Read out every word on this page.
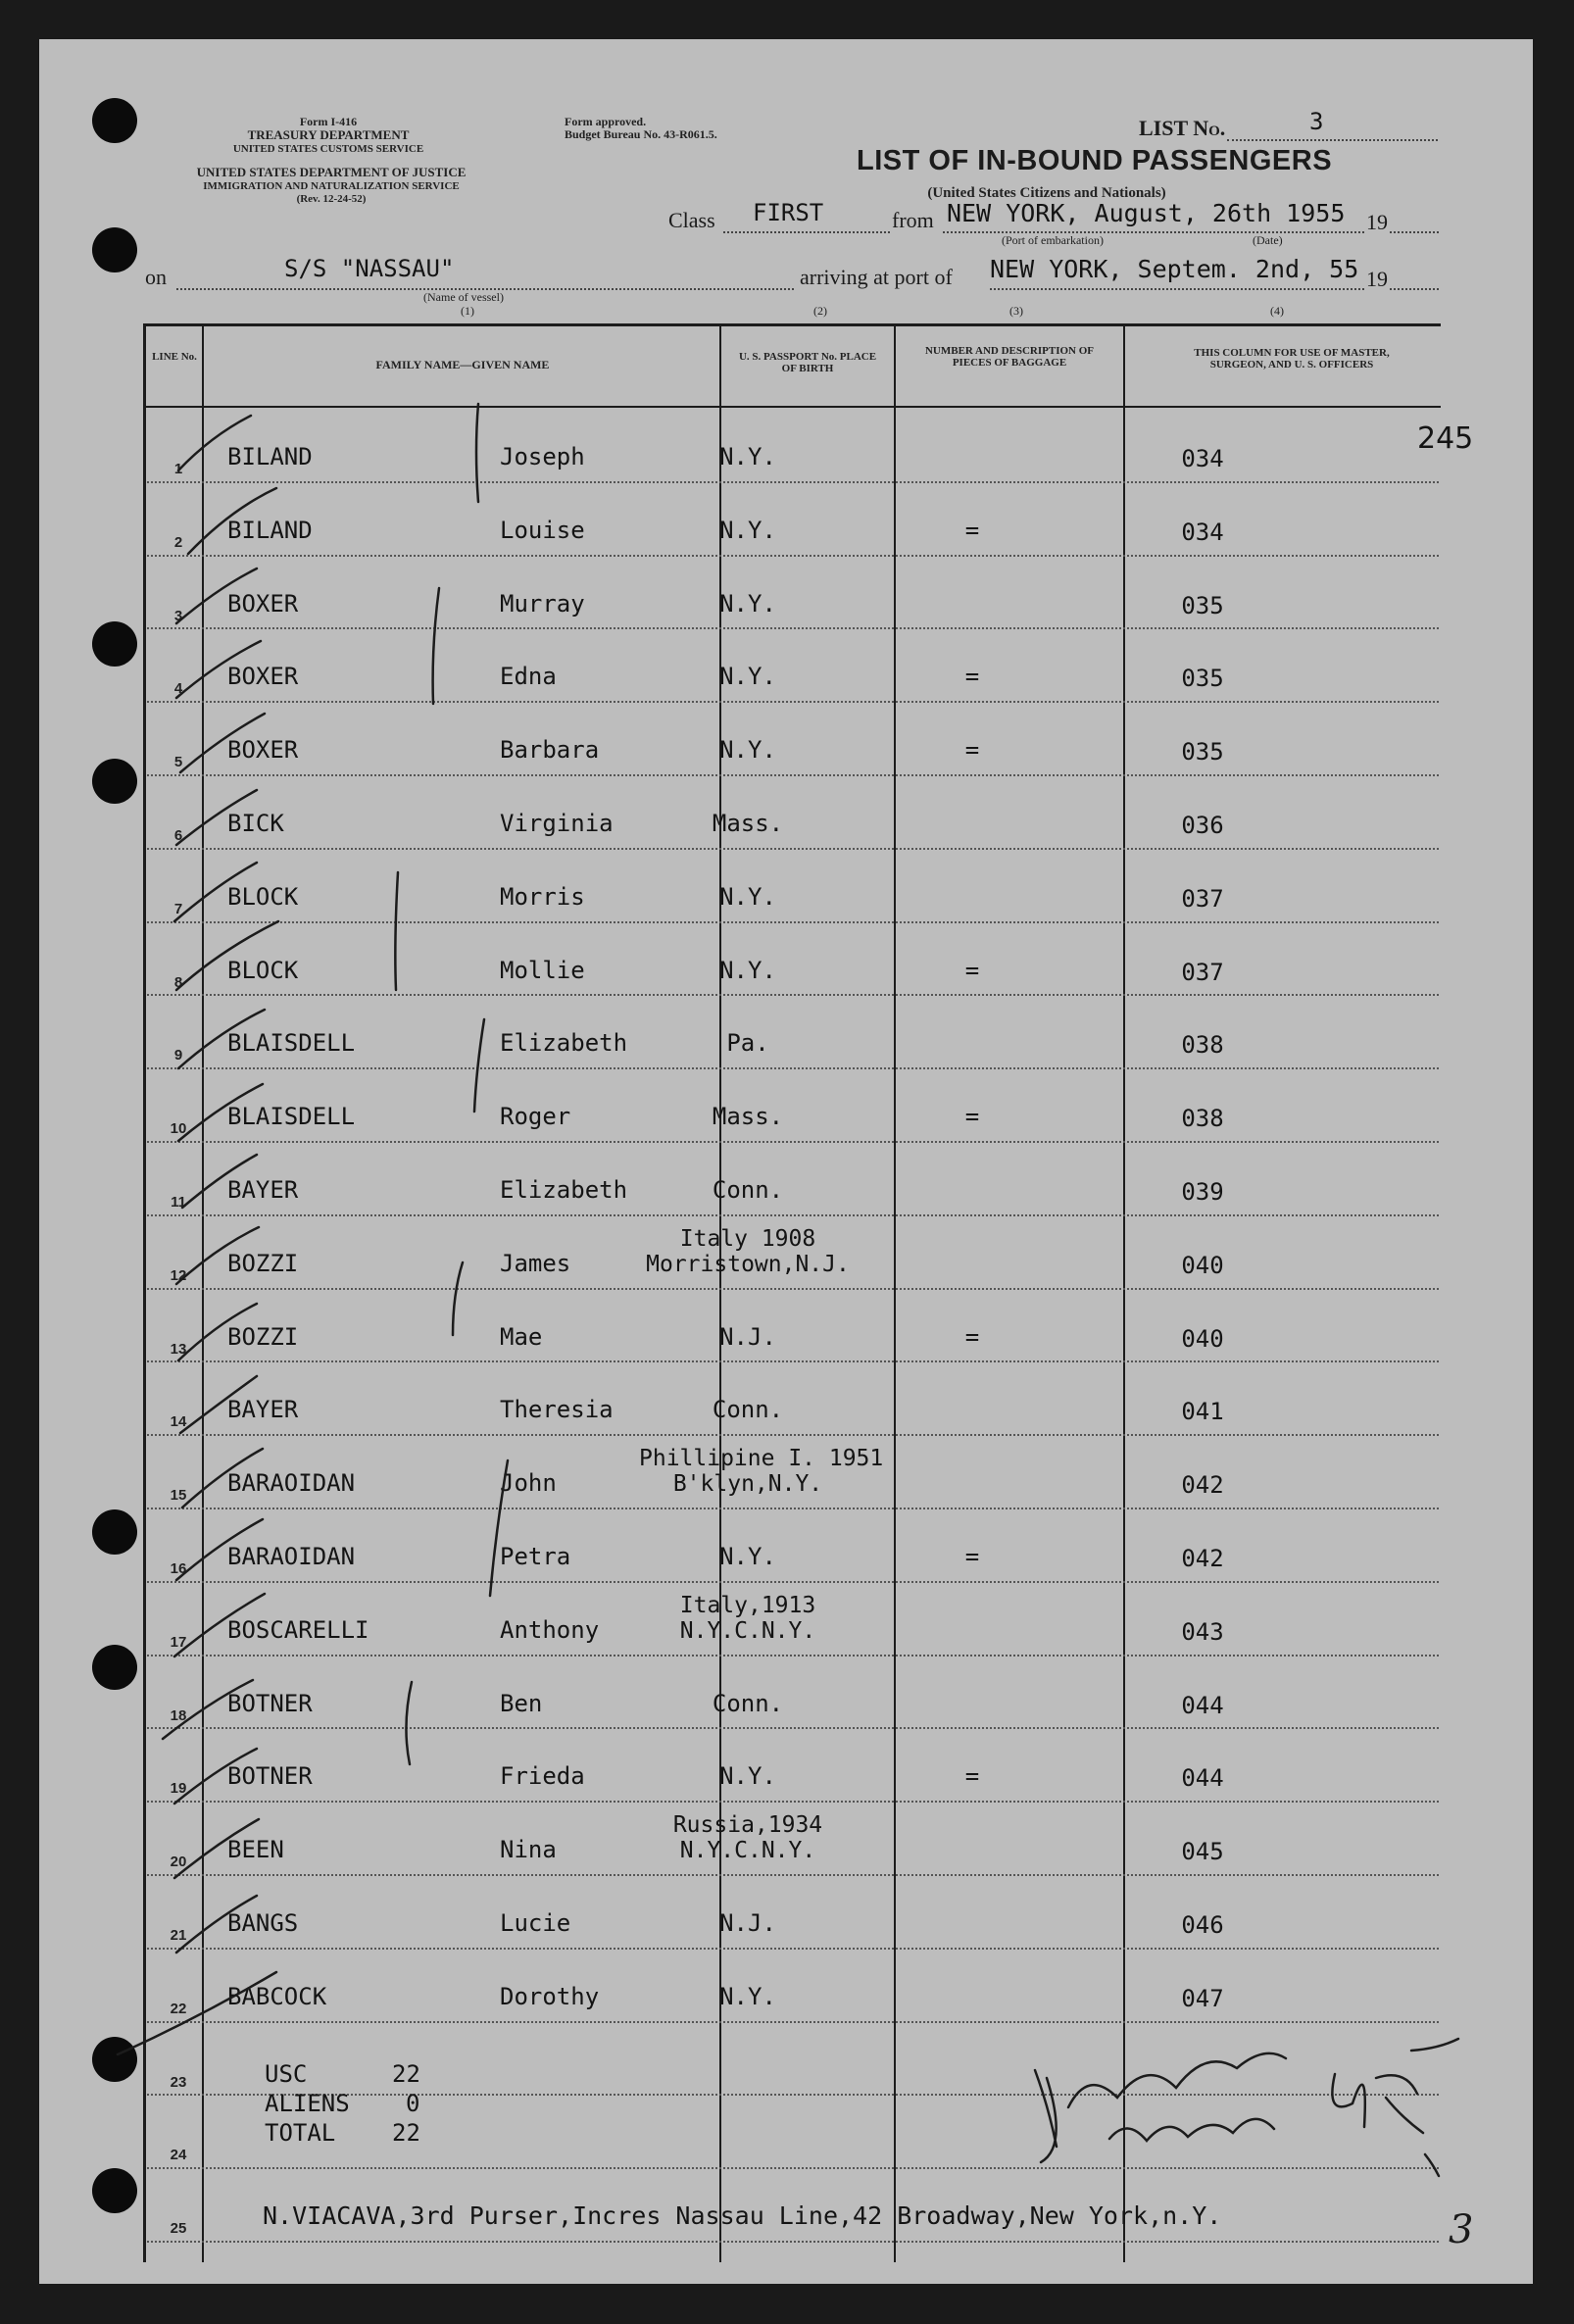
Form I-416
TREASURY DEPARTMENT
UNITED STATES CUSTOMS SERVICE
UNITED STATES DEPARTMENT OF JUSTICE
IMMIGRATION AND NATURALIZATION SERVICE
(Rev. 12-24-52)
Form approved.
Budget Bureau No. 43-R061.5.	LIST No.	3
LIST OF IN-BOUND PASSENGERS
(United States Citizens and Nationals)
Class FIRST	from NEW YORK, August, 26th 1955 19
(Port of embarkation)	(Date)
on	S/S "NASSAU"	arriving at port of NEW YORK, Septem. 2nd, 55 19
(Name of vessel)
(1)	(2)	(3)	(4)
LINE No.
FAMILY NAME—GIVEN NAME
U. S. PASSPORT No. PLACE OF BIRTH
NUMBER AND DESCRIPTION OF PIECES OF BAGGAGE
THIS COLUMN FOR USE OF MASTER, SURGEON, AND U. S. OFFICERS
245
1	BILAND	Joseph	N.Y.	034
2	BILAND	Louise	N.Y.	=	034
3	BOXER	Murray	N.Y.	035
4	BOXER	Edna	N.Y.	=	035
5	BOXER	Barbara	N.Y.	=	035
6	BICK	Virginia	Mass.	036
7	BLOCK	Morris	N.Y.	037
8	BLOCK	Mollie	N.Y.	=	037
9	BLAISDELL	Elizabeth	Pa.	038
10	BLAISDELL	Roger	Mass.	=	038
11	BAYER	Elizabeth	Conn.	039
12	BOZZI	James
Italy 1908
Morristown,N.J.	040
13	BOZZI	Mae	N.J.	=	040
14	BAYER	Theresia	Conn.	041
15	BARAOIDAN	John
Phillipine I. 1951
B'klyn,N.Y.	042
16	BARAOIDAN	Petra	N.Y.	=	042
17	BOSCARELLI	Anthony
Italy,1913
N.Y.C.N.Y.	043
18	BOTNER	Ben	Conn.	044
19	BOTNER	Frieda	N.Y.	=	044
20	BEEN	Nina
Russia,1934
N.Y.C.N.Y.	045
21	BANGS	Lucie	N.J.	046
22	BABCOCK	Dorothy	N.Y.	047
23
24
25
USC	22
ALIENS 0
TOTAL 22
N.VIACAVA,3rd Purser,Incres Nassau Line,42 Broadway,New York,n.Y.	3
